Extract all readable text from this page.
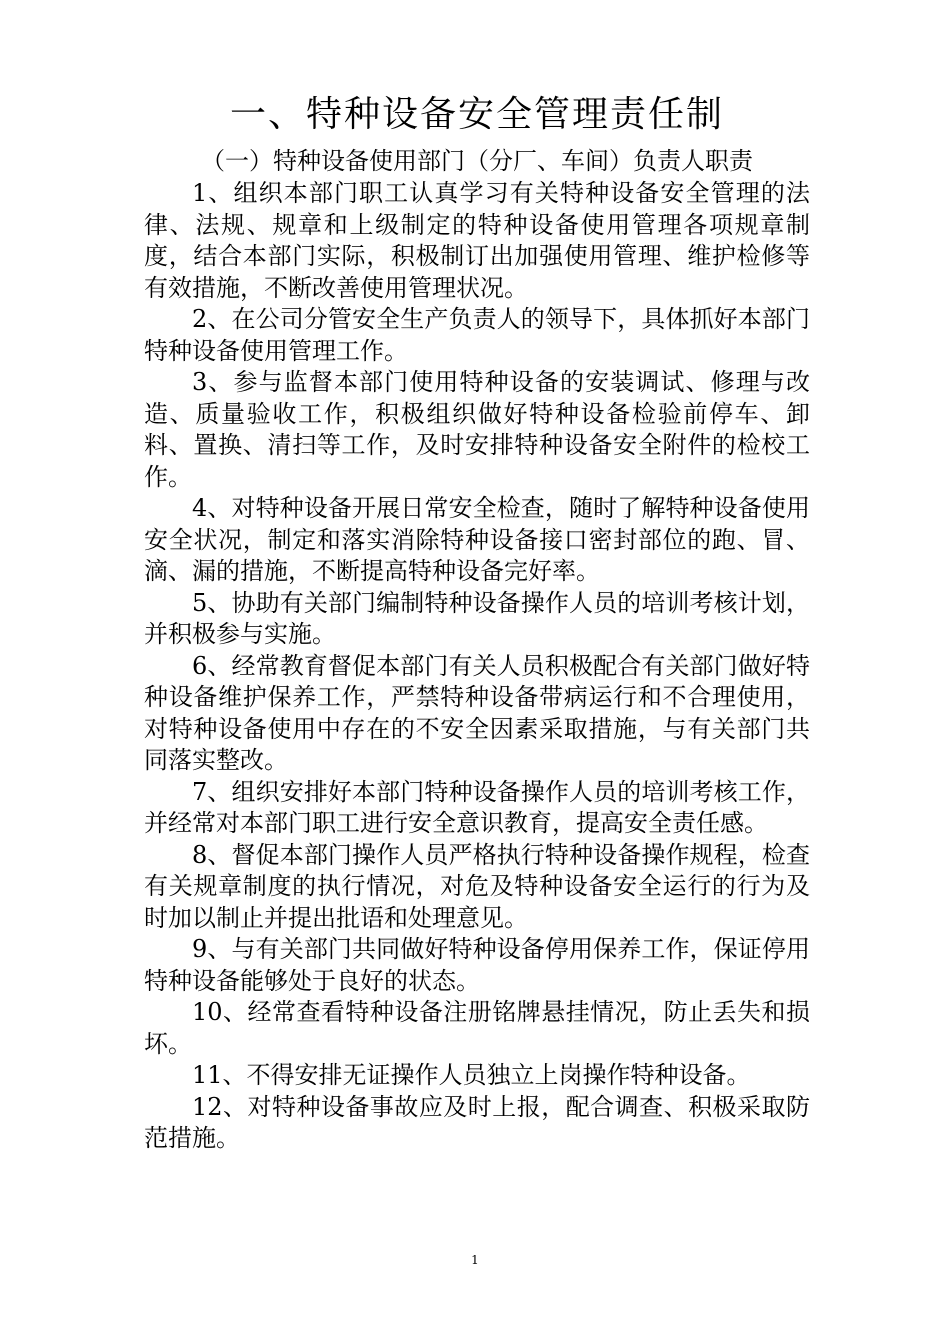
一、特种设备安全管理责任制
（一）特种设备使用部门（分厂、车间）负责人职责

1、组织本部门职工认真学习有关特种设备安全管理的法律、法规、规章和上级制定的特种设备使用管理各项规章制度，结合本部门实际，积极制订出加强使用管理、维护检修等有效措施，不断改善使用管理状况。

2、在公司分管安全生产负责人的领导下，具体抓好本部门特种设备使用管理工作。

3、参与监督本部门使用特种设备的安装调试、修理与改造、质量验收工作，积极组织做好特种设备检验前停车、卸料、置换、清扫等工作，及时安排特种设备安全附件的检校工作。

4、对特种设备开展日常安全检查，随时了解特种设备使用安全状况，制定和落实消除特种设备接口密封部位的跑、冒、滴、漏的措施，不断提高特种设备完好率。

5、协助有关部门编制特种设备操作人员的培训考核计划，并积极参与实施。

6、经常教育督促本部门有关人员积极配合有关部门做好特种设备维护保养工作，严禁特种设备带病运行和不合理使用，对特种设备使用中存在的不安全因素采取措施，与有关部门共同落实整改。

7、组织安排好本部门特种设备操作人员的培训考核工作，并经常对本部门职工进行安全意识教育，提高安全责任感。

8、督促本部门操作人员严格执行特种设备操作规程，检查有关规章制度的执行情况，对危及特种设备安全运行的行为及时加以制止并提出批语和处理意见。

9、与有关部门共同做好特种设备停用保养工作，保证停用特种设备能够处于良好的状态。

10、经常查看特种设备注册铭牌悬挂情况，防止丢失和损坏。

11、不得安排无证操作人员独立上岗操作特种设备。

12、对特种设备事故应及时上报，配合调查、积极采取防范措施。

1
